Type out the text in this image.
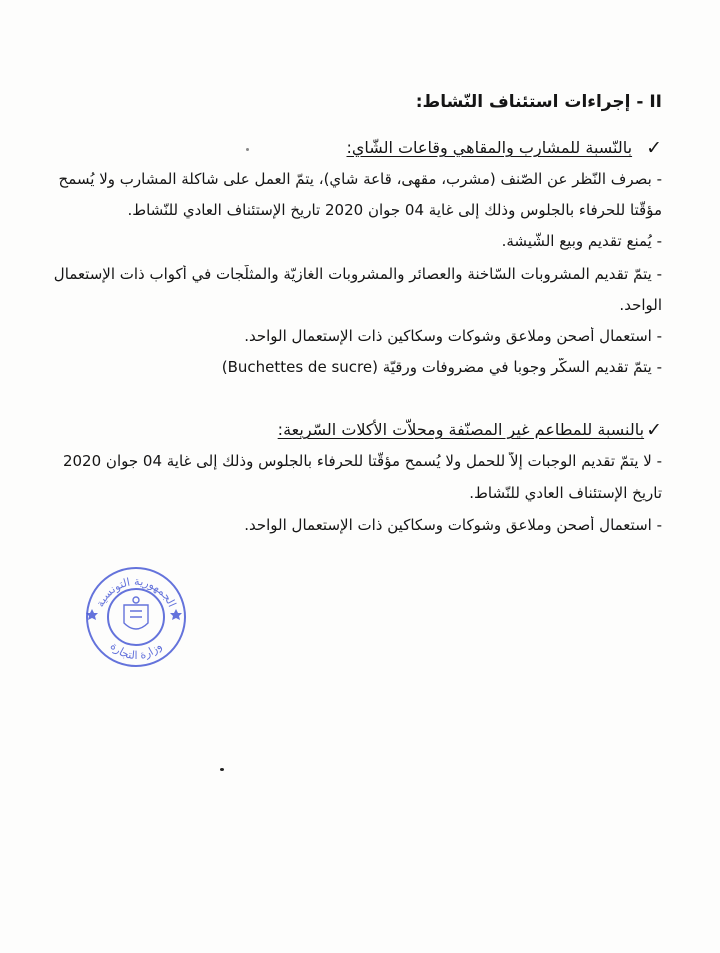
II - إجراءات استئناف النّشاط:
✓بالنّسبة للمشارب والمقاهي وقاعات الشّاي:
- بصرف النّظر عن الصّنف (مشرب، مقهى، قاعة شاي)، يتمّ العمل على شاكلة المشارب ولا يُسمح
مؤقّتا للحرفاء بالجلوس وذلك إلى غاية 04 جوان 2020 تاريخ الإستئناف العادي للنّشاط.
- يُمنع تقديم وبيع الشّيشة.
- يتمّ تقديم المشروبات السّاخنة والعصائر والمشروبات الغازيّة والمثلّجات في أكواب ذات الإستعمال
الواحد.
- استعمال أصحن وملاعق وشوكات وسكاكين ذات الإستعمال الواحد.
- يتمّ تقديم السكّر وجوبا في مضروفات ورقيّة (Buchettes de sucre)
✓بالنسبة للمطاعم غير المصنّفة ومحلاّت الأكلات السّريعة:
- لا يتمّ تقديم الوجبات إلاّ للحمل ولا يُسمح مؤقّتا للحرفاء بالجلوس وذلك إلى غاية 04 جوان 2020
تاريخ الإستئناف العادي للنّشاط.
- استعمال أصحن وملاعق وشوكات وسكاكين ذات الإستعمال الواحد.
الجمهورية التونسية
وزارة التجارة
